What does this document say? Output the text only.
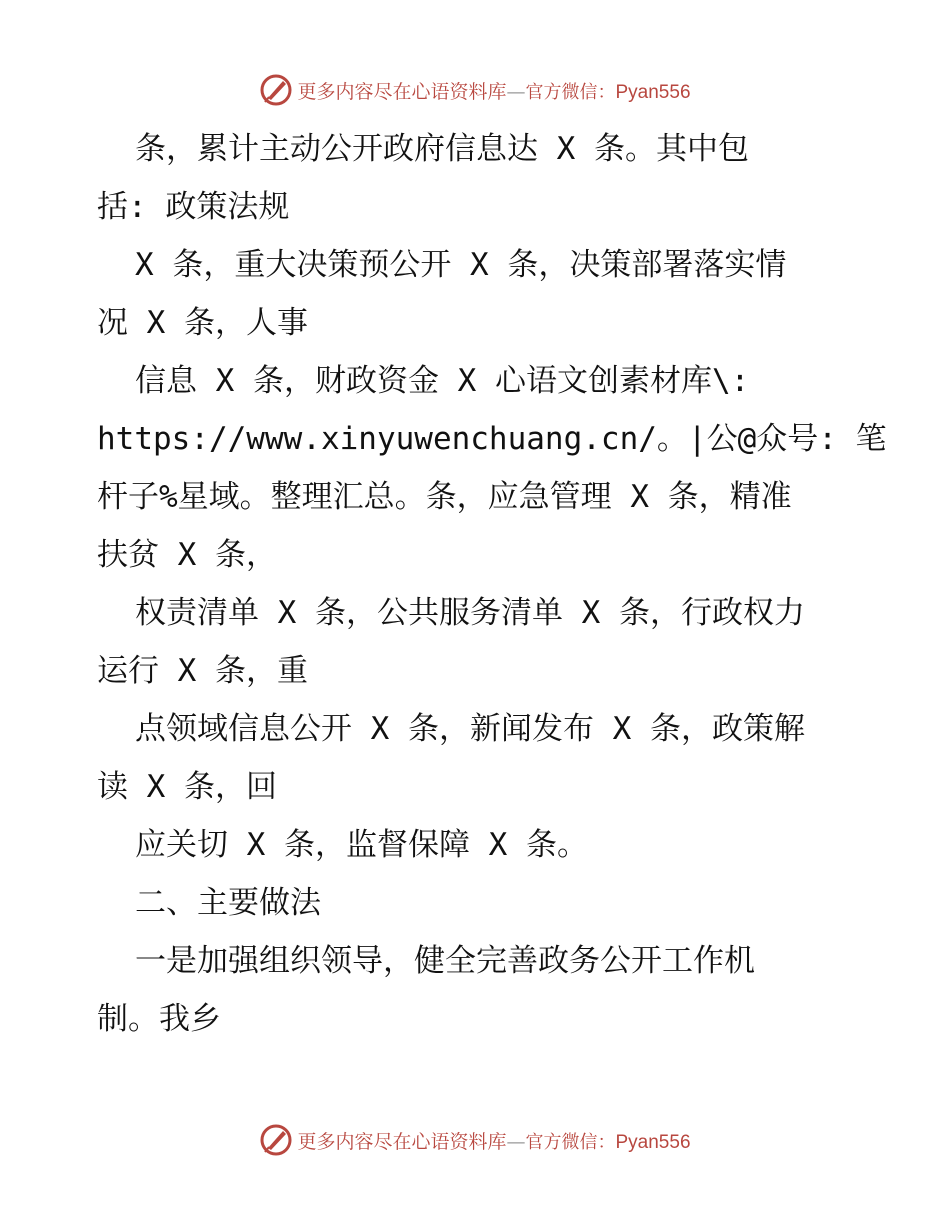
更多内容尽在心语资料库—官方微信：Pyan556
条，累计主动公开政府信息达 X 条。其中包
括: 政策法规
X 条，重大决策预公开 X 条，决策部署落实情
况 X 条，人事
信息 X 条，财政资金 X 心语文创素材库\:
https://www.xinyuwenchuang.cn/。|公@众号: 笔
杆子%星域。整理汇总。条，应急管理 X 条，精准
扶贫 X 条，
权责清单 X 条，公共服务清单 X 条，行政权力
运行 X 条，重
点领域信息公开 X 条，新闻发布 X 条，政策解
读 X 条，回
应关切 X 条，监督保障 X 条。
二、主要做法
一是加强组织领导，健全完善政务公开工作机
制。我乡
更多内容尽在心语资料库—官方微信：Pyan556
